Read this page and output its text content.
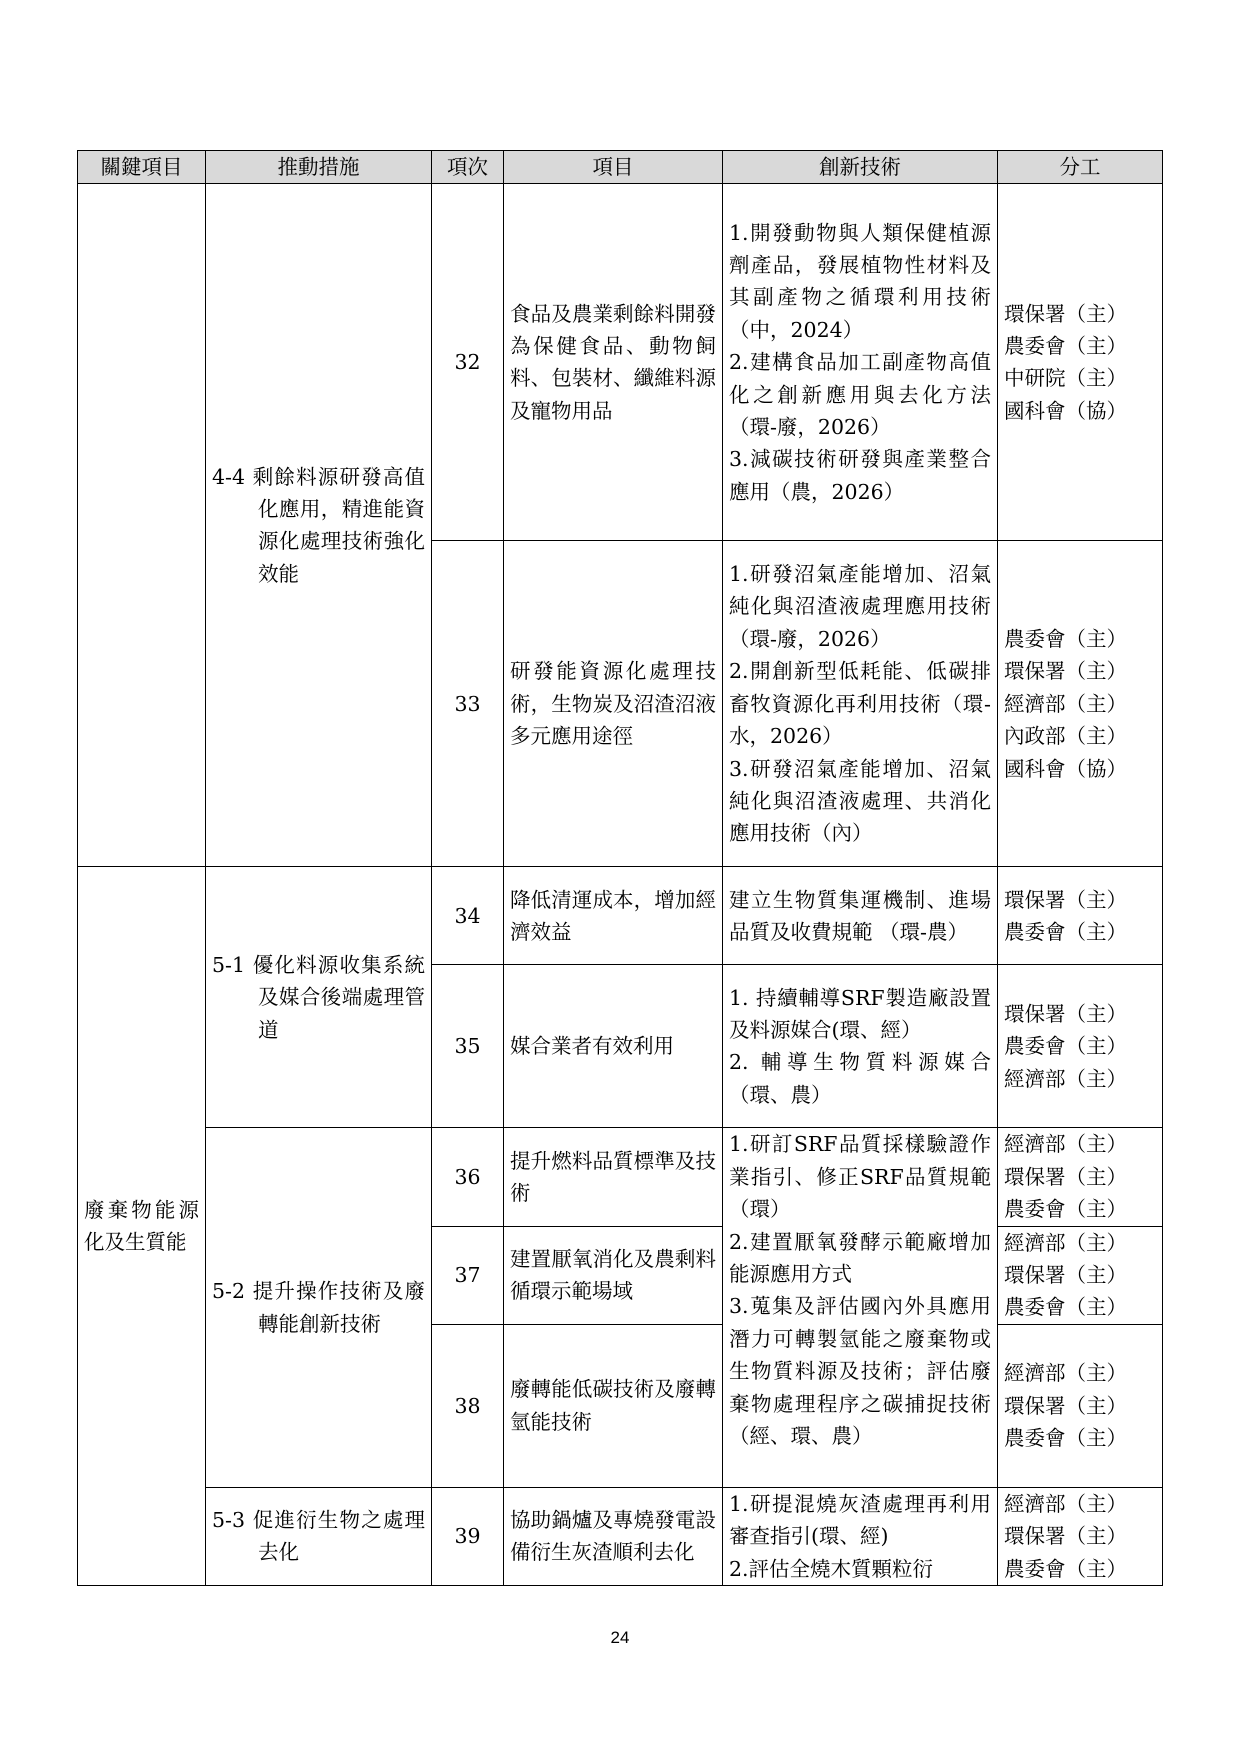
關鍵項目	推動措施	項次	項目	創新技術	分工

	4-4 剩餘料源研發高值化應用，精進能資源化處理技術強化效能	32	食品及農業剩餘料開發為保健食品、動物飼料、包裝材、纖維料源及寵物用品	1.開發動物與人類保健植源劑產品，發展植物性材料及其副產物之循環利用技術（中，2024）
2.建構食品加工副產物高值化之創新應用與去化方法（環-廢，2026）
3.減碳技術研發與產業整合應用（農，2026）	環保署（主）
農委會（主）
中研院（主）
國科會（協）

		33	研發能資源化處理技術，生物炭及沼渣沼液多元應用途徑	1.研發沼氣產能增加、沼氣純化與沼渣液處理應用技術（環-廢，2026）
2.開創新型低耗能、低碳排畜牧資源化再利用技術（環-水，2026）
3.研發沼氣產能增加、沼氣純化與沼渣液處理、共消化應用技術（內）	農委會（主）
環保署（主）
經濟部（主）
內政部（主）
國科會（協）

廢棄物能源化及生質能	5-1 優化料源收集系統及媒合後端處理管道	34	降低清運成本，增加經濟效益	建立生物質集運機制、進場品質及收費規範 （環-農）	環保署（主）
農委會（主）

		35	媒合業者有效利用	1. 持續輔導SRF製造廠設置及料源媒合(環、經）
2. 輔導生物質料源媒合（環、農）	環保署（主）
農委會（主）
經濟部（主）

	5-2 提升操作技術及廢轉能創新技術	36	提升燃料品質標準及技術	1.研訂SRF品質採樣驗證作業指引、修正SRF品質規範（環）
2.建置厭氧發酵示範廠增加能源應用方式
3.蒐集及評估國內外具應用潛力可轉製氫能之廢棄物或生物質料源及技術；評估廢棄物處理程序之碳捕捉技術（經、環、農）	經濟部（主）
環保署（主）
農委會（主）

		37	建置厭氧消化及農剩料循環示範場域		經濟部（主）
環保署（主）
農委會（主）

		38	廢轉能低碳技術及廢轉氫能技術		經濟部（主）
環保署（主）
農委會（主）

	5-3 促進衍生物之處理去化	39	協助鍋爐及專燒發電設備衍生灰渣順利去化	1.研提混燒灰渣處理再利用審查指引(環、經)
2.評估全燒木質顆粒衍	經濟部（主）
環保署（主）
農委會（主）
24
